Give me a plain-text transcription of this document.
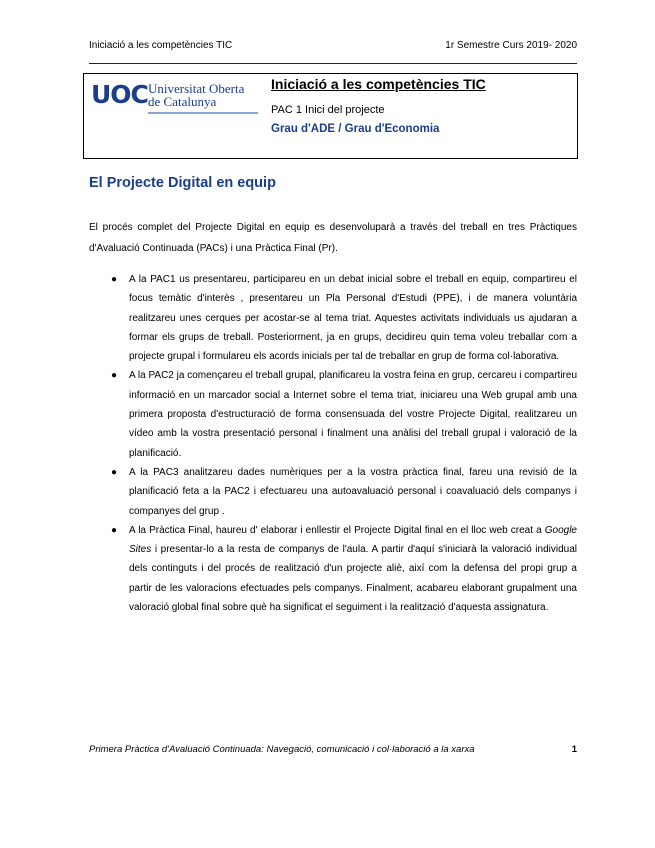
Iniciació a les competències TIC	1r Semestre Curs 2019- 2020
UOC Universitat Oberta
de Catalunya
Iniciació a les competències TIC
PAC 1 Inici del projecte
Grau d'ADE / Grau d'Economia
El Projecte Digital en equip

El procés complet del Projecte Digital en equip es desenvoluparà a través del treball en tres Pràctiques d'Avaluació Continuada (PACs) i una Pràctica Final (Pr).

● A la PAC1 us presentareu, participareu en un debat inicial sobre el treball en equip, compartireu el focus temàtic d'interès , presentareu un Pla Personal d'Estudi (PPE), i de manera voluntària realitzareu unes cerques per acostar-se al tema triat. Aquestes activitats individuals us ajudaran a formar els grups de treball. Posteriorment, ja en grups, decidireu quin tema voleu treballar com a projecte grupal i formulareu els acords inicials per tal de treballar en grup de forma col·laborativa.
● A la PAC2 ja començareu el treball grupal, planificareu la vostra feina en grup, cercareu i compartireu informació en un marcador social a Internet sobre el tema triat, iniciareu una Web grupal amb una primera proposta d'estructuració de forma consensuada del vostre Projecte Digital, realitzareu un vídeo amb la vostra presentació personal i finalment una anàlisi del treball grupal i valoració de la planificació.
● A la PAC3 analitzareu dades numèriques per a la vostra pràctica final, fareu una revisió de la planificació feta a la PAC2 i efectuareu una autoavaluació personal i coavaluació dels companys i companyes del grup .
● A la Pràctica Final, haureu d' elaborar i enllestir el Projecte Digital final en el lloc web creat a Google Sites i presentar-lo a la resta de companys de l'aula. A partir d'aquí s'iniciarà la valoració individual dels continguts i del procés de realització d'un projecte aliè, així com la defensa del propi grup a partir de les valoracions efectuades pels companys. Finalment, acabareu elaborant grupalment una valoració global final sobre què ha significat el seguiment i la realització d'aquesta assignatura.
Primera Pràctica d'Avaluació Continuada: Navegació, comunicació i col·laboració a la xarxa	1
